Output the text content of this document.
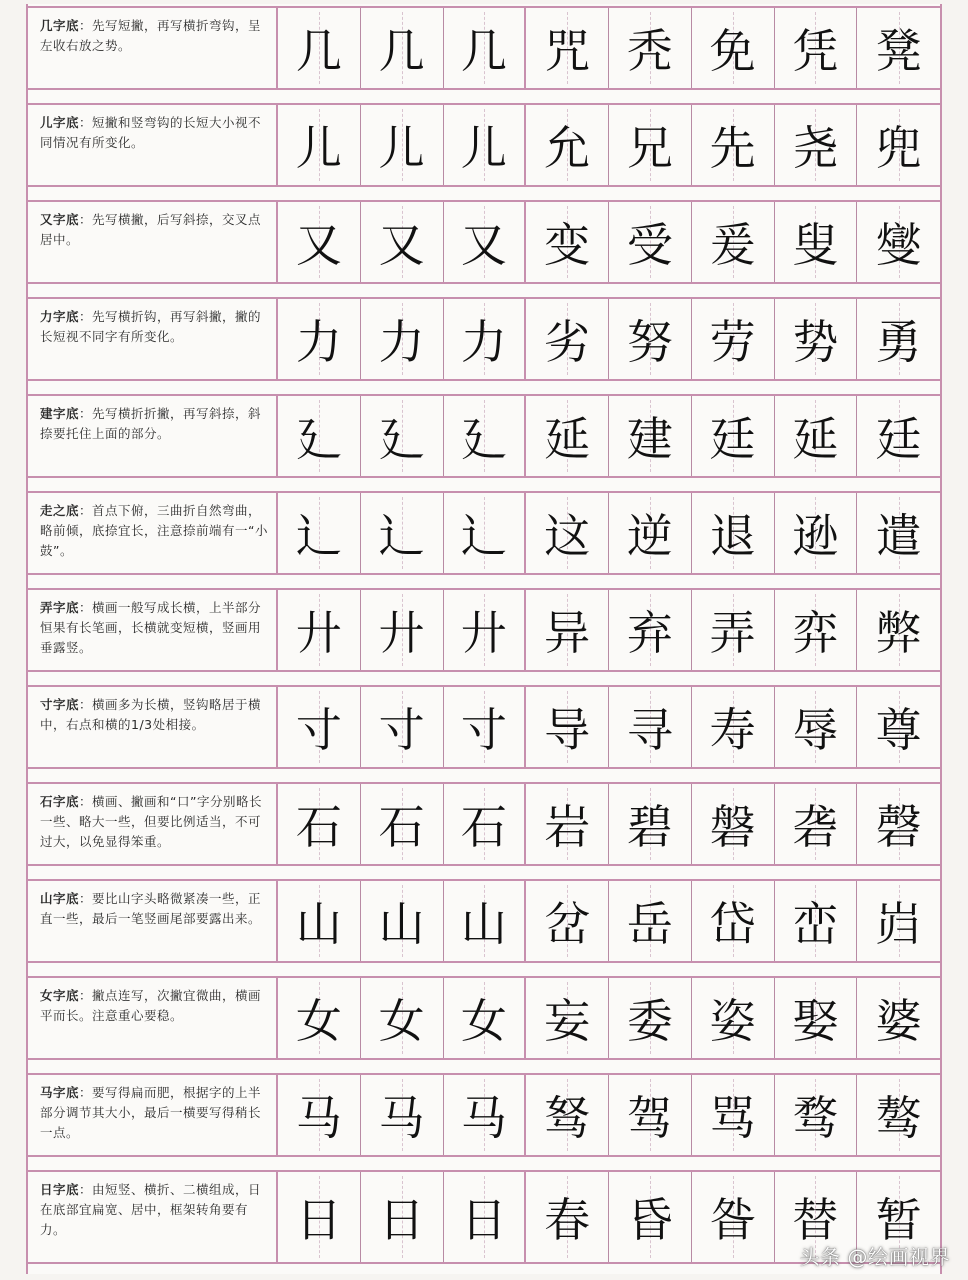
几字底：先写短撇，再写横折弯钩，呈左收右放之势。	几 几 几 咒 秃 免 凭 凳
儿字底：短撇和竖弯钩的长短大小视不同情况有所变化。	儿 儿 儿 允 兄 先 尧 兜
又字底：先写横撇，后写斜捺，交叉点居中。	又 又 又 变 受 爰 叟 燮
力字底：先写横折钩，再写斜撇，撇的长短视不同字有所变化。	力 力 力 劣 努 劳 势 勇
建字底：先写横折折撇，再写斜捺，斜捺要托住上面的部分。	廴 廴 廴 延 建 廷 延 廷
走之底：首点下俯，三曲折自然弯曲，略前倾，底捺宜长，注意捺前端有一“小鼓”。	辶 辶 辶 这 逆 退 逊 遣
弄字底：横画一般写成长横，上半部分恒果有长笔画，长横就变短横，竖画用垂露竖。	廾 廾 廾 异 弃 弄 弈 弊
寸字底：横画多为长横，竖钩略居于横中，右点和横的1/3处相接。	寸 寸 寸 导 寻 寿 辱 尊
石字底：横画、撇画和“口”字分别略长一些、略大一些，但要比例适当，不可过大，以免显得笨重。	石 石 石 岩 碧 磐 砻 磬
山字底：要比山字头略微紧凑一些，正直一些，最后一笔竖画尾部要露出来。 山 山 山 岔 岳 岱 峦 岿
女字底：撇点连写，次撇宜微曲，横画平而长。注意重心要稳。	女 女 女 妄 委 姿 娶 婆
马字底：要写得扁而肥，根据字的上半部分调节其大小，最后一横要写得稍长一点。	马 马 马 驽 驾 骂 骛 骜
日字底：由短竖、横折、二横组成，日在底部宜扁宽、居中，框架转角要有力。	日 日 日 春 昏 昝 替 暂
头条 @绘画视界
